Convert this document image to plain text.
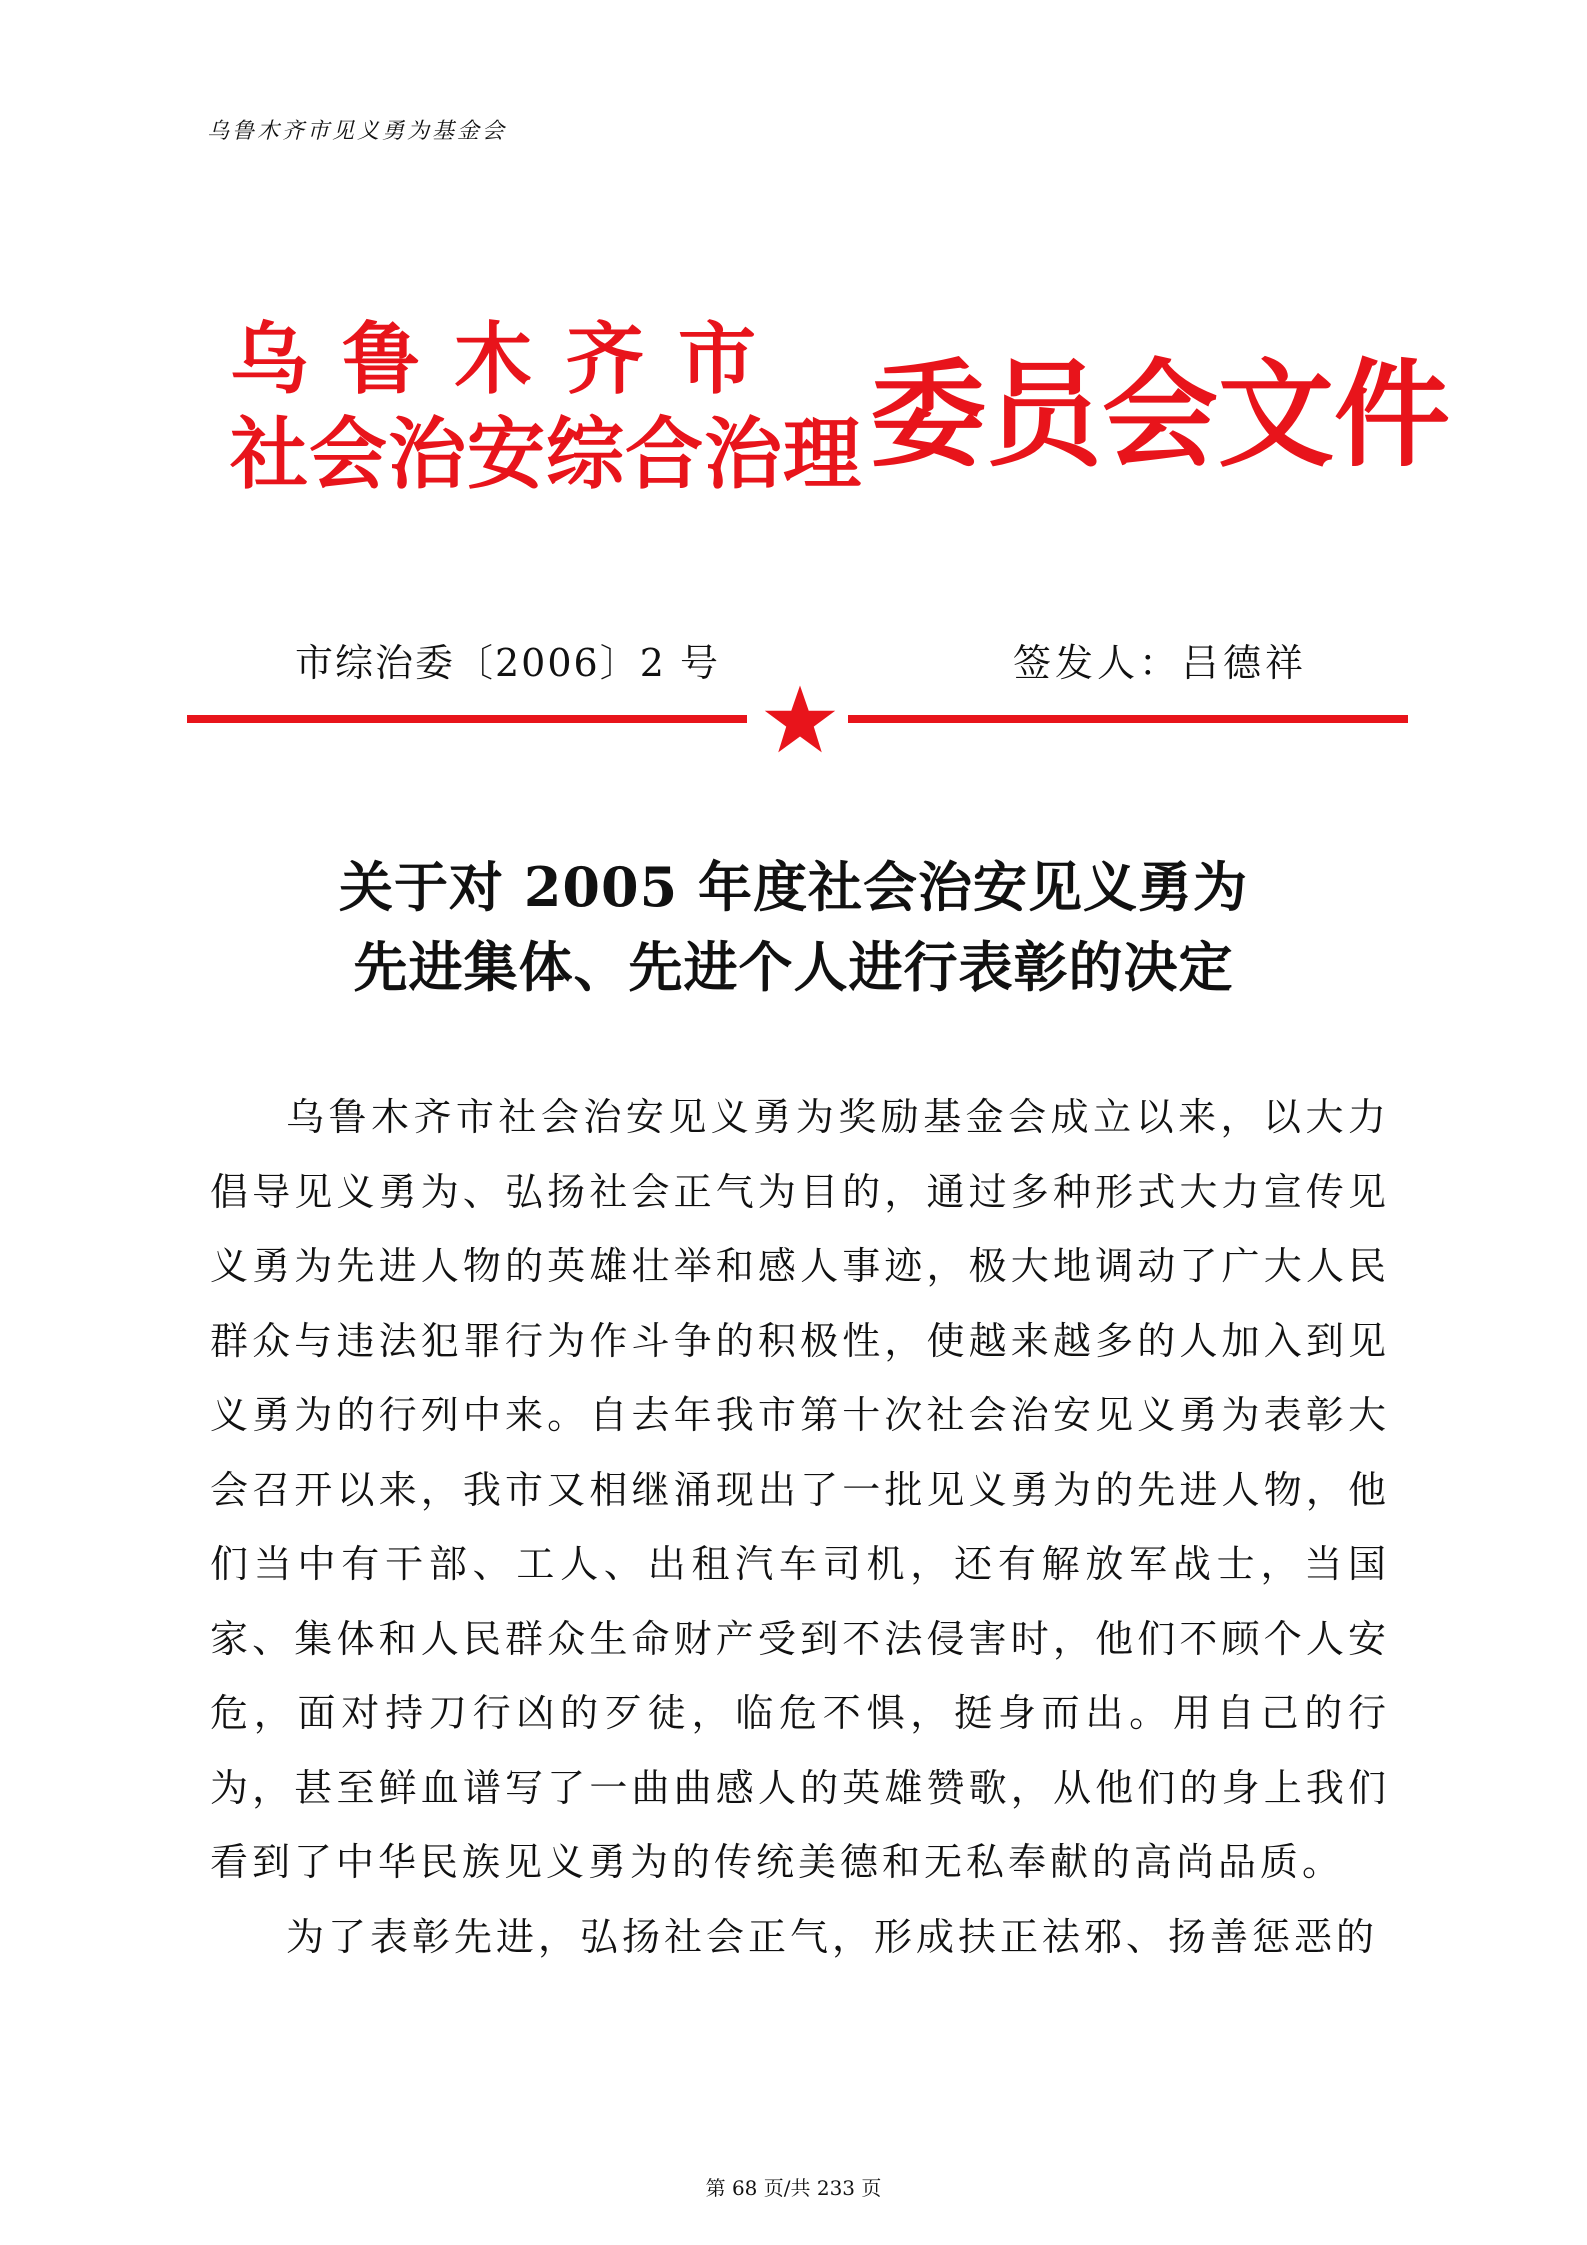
乌鲁木齐市见义勇为基金会
乌鲁木齐市
社会治安综合治理 委员会文件
市综治委〔2006〕2 号	签发人：吕德祥
关于对 2005 年度社会治安见义勇为
先进集体、先进个人进行表彰的决定

乌鲁木齐市社会治安见义勇为奖励基金会成立以来，以大力倡导见义勇为、弘扬社会正气为目的，通过多种形式大力宣传见义勇为先进人物的英雄壮举和感人事迹，极大地调动了广大人民群众与违法犯罪行为作斗争的积极性，使越来越多的人加入到见义勇为的行列中来。自去年我市第十次社会治安见义勇为表彰大会召开以来，我市又相继涌现出了一批见义勇为的先进人物，他们当中有干部、工人、出租汽车司机，还有解放军战士，当国家、集体和人民群众生命财产受到不法侵害时，他们不顾个人安危，面对持刀行凶的歹徒，临危不惧，挺身而出。用自己的行为，甚至鲜血谱写了一曲曲感人的英雄赞歌，从他们的身上我们看到了中华民族见义勇为的传统美德和无私奉献的高尚品质。

为了表彰先进，弘扬社会正气，形成扶正祛邪、扬善惩恶的

第 68 页/共 233 页
